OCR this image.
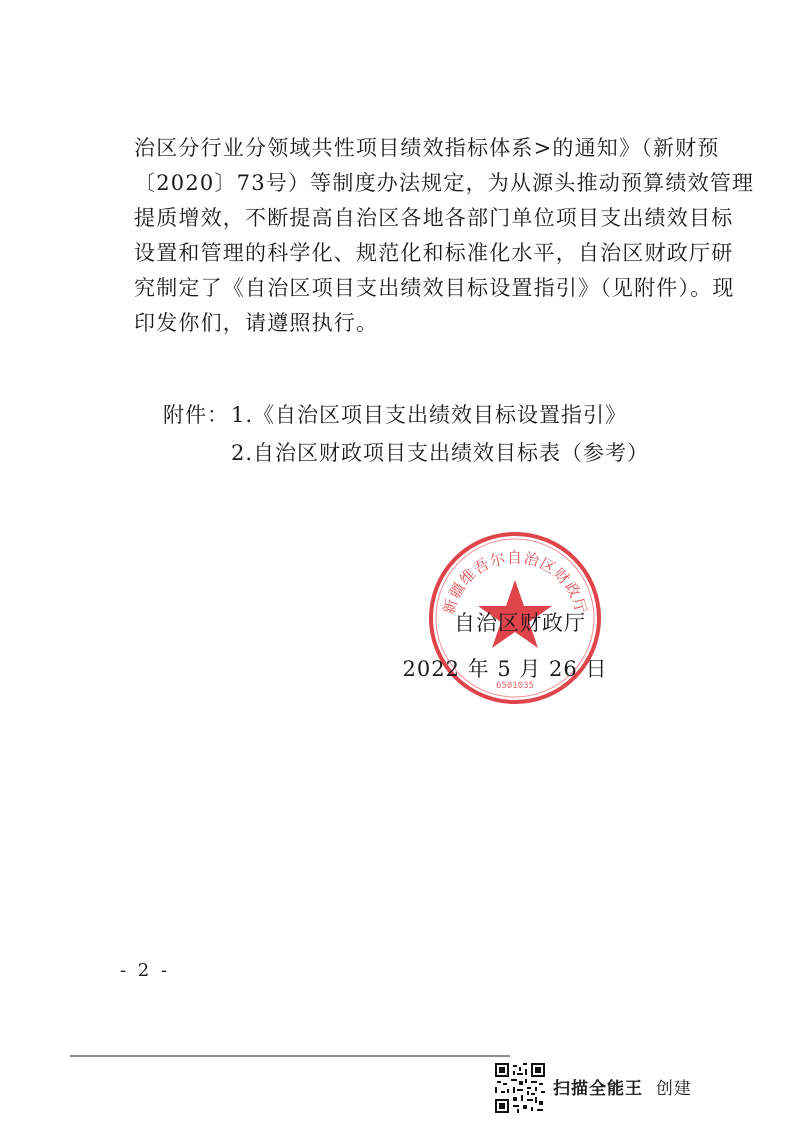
治区分行业分领域共性项目绩效指标体系>的通知》（新财预
〔2020〕73号）等制度办法规定，为从源头推动预算绩效管理
提质增效，不断提高自治区各地各部门单位项目支出绩效目标
设置和管理的科学化、规范化和标准化水平，自治区财政厅研
究制定了《自治区项目支出绩效目标设置指引》（见附件）。现
印发你们，请遵照执行。
附件： 1.《自治区项目支出绩效目标设置指引》
2.自治区财政项目支出绩效目标表（参考）
新疆维吾尔自治区财政厅
6501035
自治区财政厅
2022 年 5 月 26 日
- 2 -
扫描全能王 创建
